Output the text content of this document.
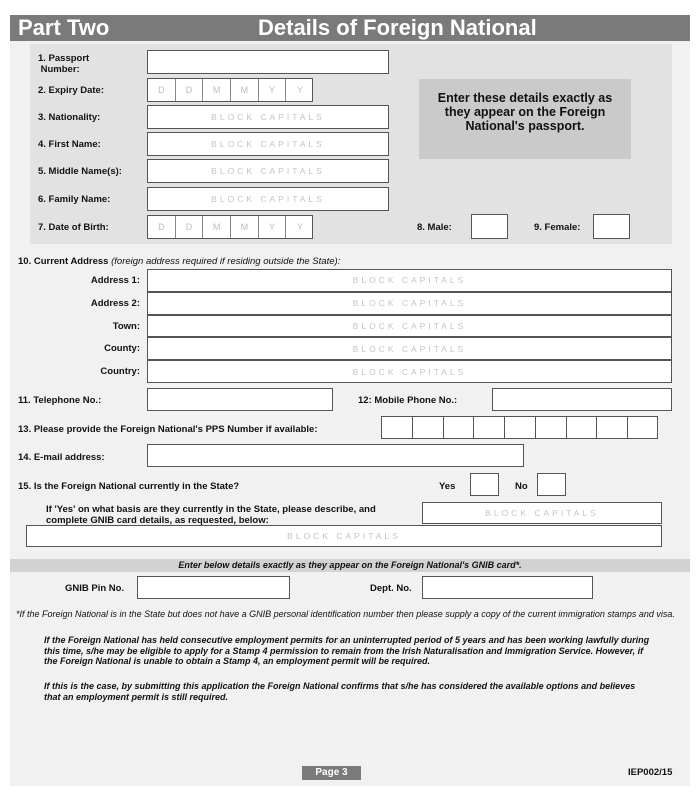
Part Two	Details of Foreign National
1. Passport
Number:
2. Expiry Date:	D	D	M	M	Y	Y
Enter these details exactly as they appear on the Foreign National's passport.
3. Nationality:	BLOCK CAPITALS
4. First Name:	BLOCK CAPITALS
5. Middle Name(s):	BLOCK CAPITALS
6. Family Name:	BLOCK CAPITALS
7. Date of Birth:	D	D	M	M	Y	Y	8. Male:	9. Female:
10. Current Address (foreign address required if residing outside the State):
Address 1:	BLOCK CAPITALS
Address 2:	BLOCK CAPITALS
Town:	BLOCK CAPITALS
County:	BLOCK CAPITALS
Country:	BLOCK CAPITALS
11. Telephone No.:	12: Mobile Phone No.:
13. Please provide the Foreign National's PPS Number if available:
14. E-mail address:
15. Is the Foreign National currently in the State?	Yes	No
If 'Yes' on what basis are they currently in the State, please describe, and complete GNIB card details, as requested, below:
BLOCK CAPITALS
BLOCK CAPITALS
Enter below details exactly as they appear on the Foreign National's GNIB card*.
GNIB Pin No.	Dept. No.
*If the Foreign National is in the State but does not have a GNIB personal identification number then please supply a copy of the current immigration stamps and visa.
If the Foreign National has held consecutive employment permits for an uninterrupted period of 5 years and has been working lawfully during this time, s/he may be eligible to apply for a Stamp 4 permission to remain from the Irish Naturalisation and Immigration Service. However, if the Foreign National is unable to obtain a Stamp 4, an employment permit will be required.
If this is the case, by submitting this application the Foreign National confirms that s/he has considered the available options and believes that an employment permit is still required.
Page 3	IEP002/15
